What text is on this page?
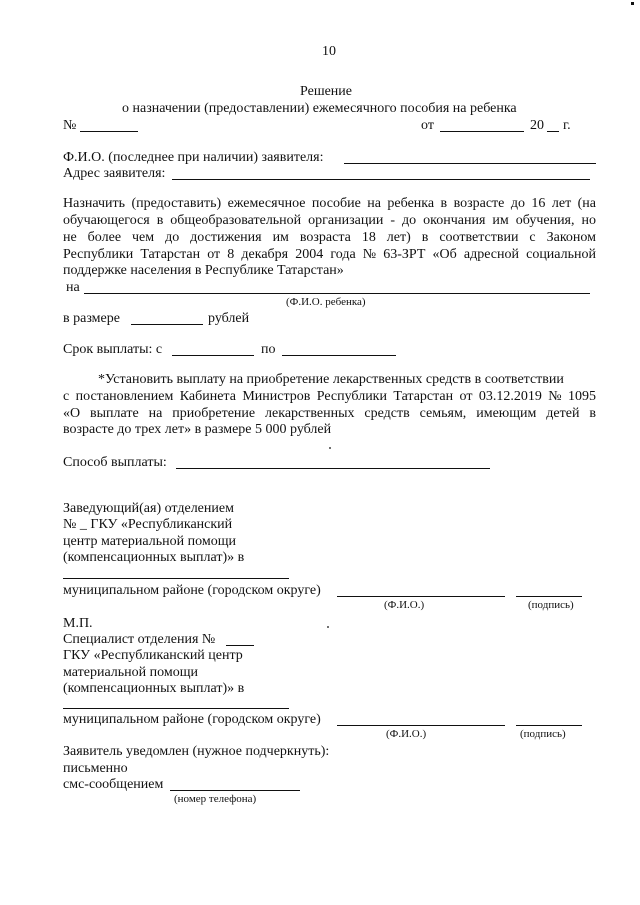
10
Решение
о назначении (предоставлении) ежемесячного пособия на ребенка
№	от	20 г.
Ф.И.О. (последнее при наличии) заявителя:
Адрес заявителя:
Назначить (предоставить) ежемесячное пособие на ребенка в возрасте до 16 лет (на
обучающегося в общеобразовательной организации - до окончания им обучения, но
не более чем до достижения им возраста 18 лет) в соответствии с Законом
Республики Татарстан от 8 декабря 2004 года № 63-ЗРТ «Об адресной социальной
поддержке населения в Республике Татарстан»
на
(Ф.И.О. ребенка)
в размере	рублей
Срок выплаты: с	по
*Установить выплату на приобретение лекарственных средств в соответствии
с постановлением Кабинета Министров Республики Татарстан от 03.12.2019 № 1095
«О выплате на приобретение лекарственных средств семьям, имеющим детей в
возрасте до трех лет» в размере 5 000 рублей
Способ выплаты:
Заведующий(ая) отделением
№ _ ГКУ «Республиканский
центр материальной помощи
(компенсационных выплат)» в
муниципальном районе (городском округе)
(Ф.И.О.)	(подпись)
М.П.
Специалист отделения №
ГКУ «Республиканский центр
материальной помощи
(компенсационных выплат)» в
муниципальном районе (городском округе)
(Ф.И.О.)	(подпись)
Заявитель уведомлен (нужное подчеркнуть):
письменно
смс-сообщением
(номер телефона)
